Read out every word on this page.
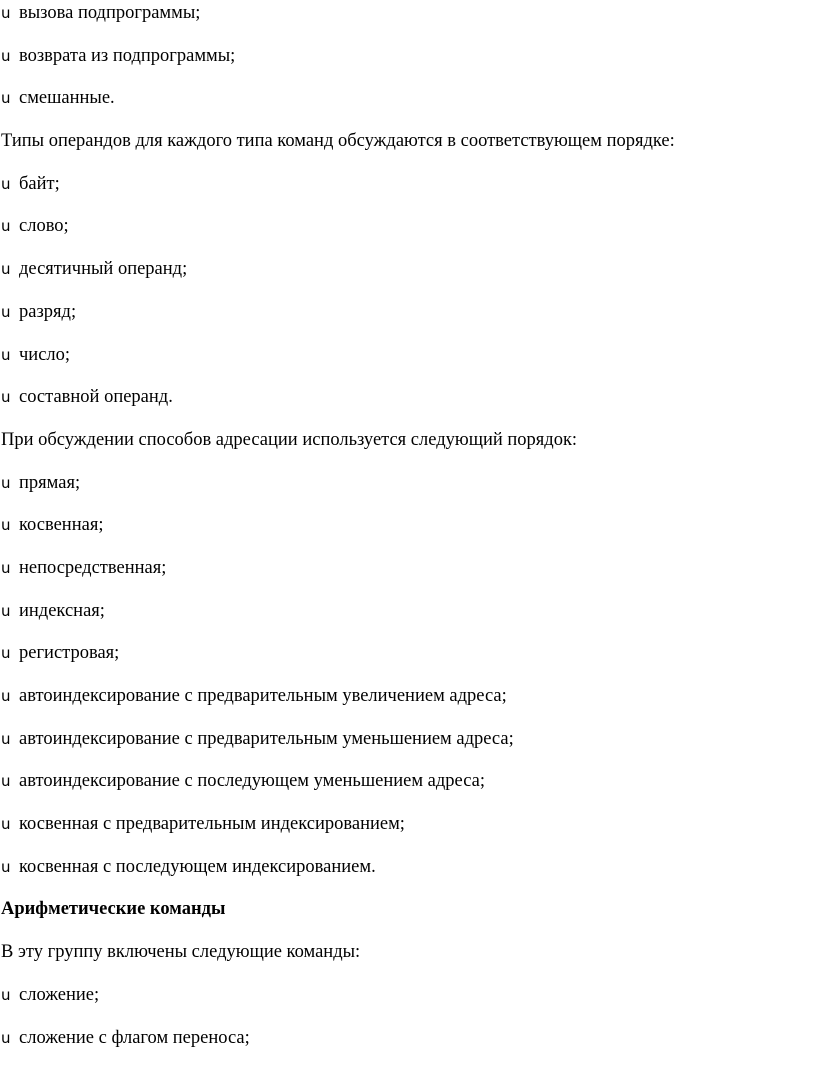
u вызова подпрограммы;
u возврата из подпрограммы;
u смешанные.
Типы операндов для каждого типа команд обсуждаются в соответствующем порядке:
u байт;
u слово;
u десятичный операнд;
u разряд;
u число;
u составной операнд.
При обсуждении способов адресации используется следующий порядок:
u прямая;
u косвенная;
u непосредственная;
u индексная;
u регистровая;
u автоиндексирование с предварительным увеличением адреса;
u автоиндексирование с предварительным уменьшением адреса;
u автоиндексирование с последующем уменьшением адреса;
u косвенная с предварительным индексированием;
u косвенная с последующем индексированием.
Арифметические команды
В эту группу включены следующие команды:
u сложение;
u сложение с флагом переноса;
